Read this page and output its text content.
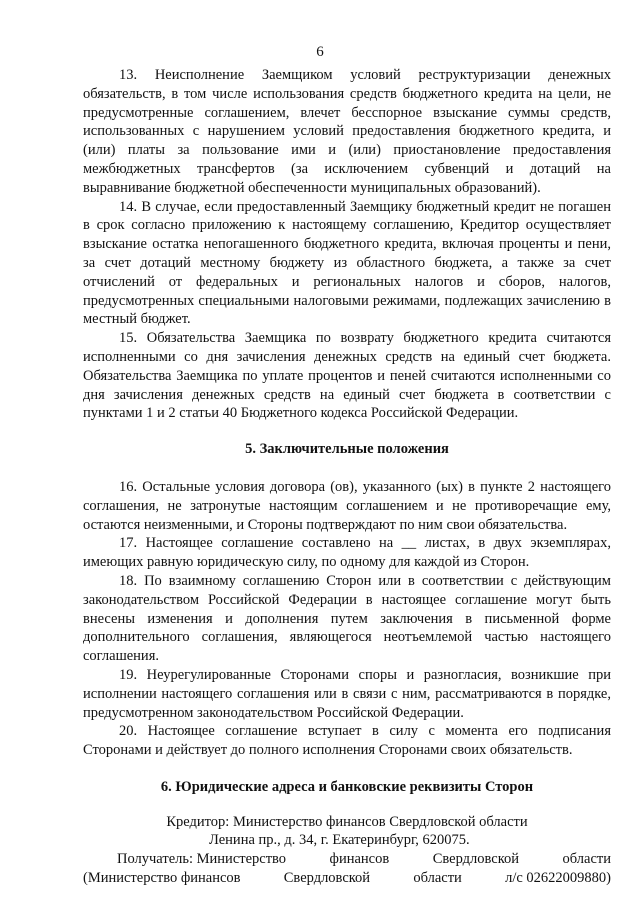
6

13. Неисполнение Заемщиком условий реструктуризации денежных обязательств, в том числе использования средств бюджетного кредита на цели, не предусмотренные соглашением, влечет бесспорное взыскание суммы средств, использованных с нарушением условий предоставления бюджетного кредита, и (или) платы за пользование ими и (или) приостановление предоставления межбюджетных трансфертов (за исключением субвенций и дотаций на выравнивание бюджетной обеспеченности муниципальных образований).

14. В случае, если предоставленный Заемщику бюджетный кредит не погашен в срок согласно приложению к настоящему соглашению, Кредитор осуществляет взыскание остатка непогашенного бюджетного кредита, включая проценты и пени, за счет дотаций местному бюджету из областного бюджета, а также за счет отчислений от федеральных и региональных налогов и сборов, налогов, предусмотренных специальными налоговыми режимами, подлежащих зачислению в местный бюджет.

15. Обязательства Заемщика по возврату бюджетного кредита считаются исполненными со дня зачисления денежных средств на единый счет бюджета. Обязательства Заемщика по уплате процентов и пеней считаются исполненными со дня зачисления денежных средств на единый счет бюджета в соответствии с пунктами 1 и 2 статьи 40 Бюджетного кодекса Российской Федерации.

5. Заключительные положения

16. Остальные условия договора (ов), указанного (ых) в пункте 2 настоящего соглашения, не затронутые настоящим соглашением и не противоречащие ему, остаются неизменными, и Стороны подтверждают по ним свои обязательства.

17. Настоящее соглашение составлено на __ листах, в двух экземплярах, имеющих равную юридическую силу, по одному для каждой из Сторон.

18. По взаимному соглашению Сторон или в соответствии с действующим законодательством Российской Федерации в настоящее соглашение могут быть внесены изменения и дополнения путем заключения в письменной форме дополнительного соглашения, являющегося неотъемлемой частью настоящего соглашения.

19. Неурегулированные Сторонами споры и разногласия, возникшие при исполнении настоящего соглашения или в связи с ним, рассматриваются в порядке, предусмотренном законодательством Российской Федерации.

20. Настоящее соглашение вступает в силу с момента его подписания Сторонами и действует до полного исполнения Сторонами своих обязательств.

6. Юридические адреса и банковские реквизиты Сторон

Кредитор: Министерство финансов Свердловской области

Ленина пр., д. 34, г. Екатеринбург, 620075.

Получатель: Министерство	финансов	Свердловской	области
(Министерство финансов	Свердловской	области	л/с 02622009880)
